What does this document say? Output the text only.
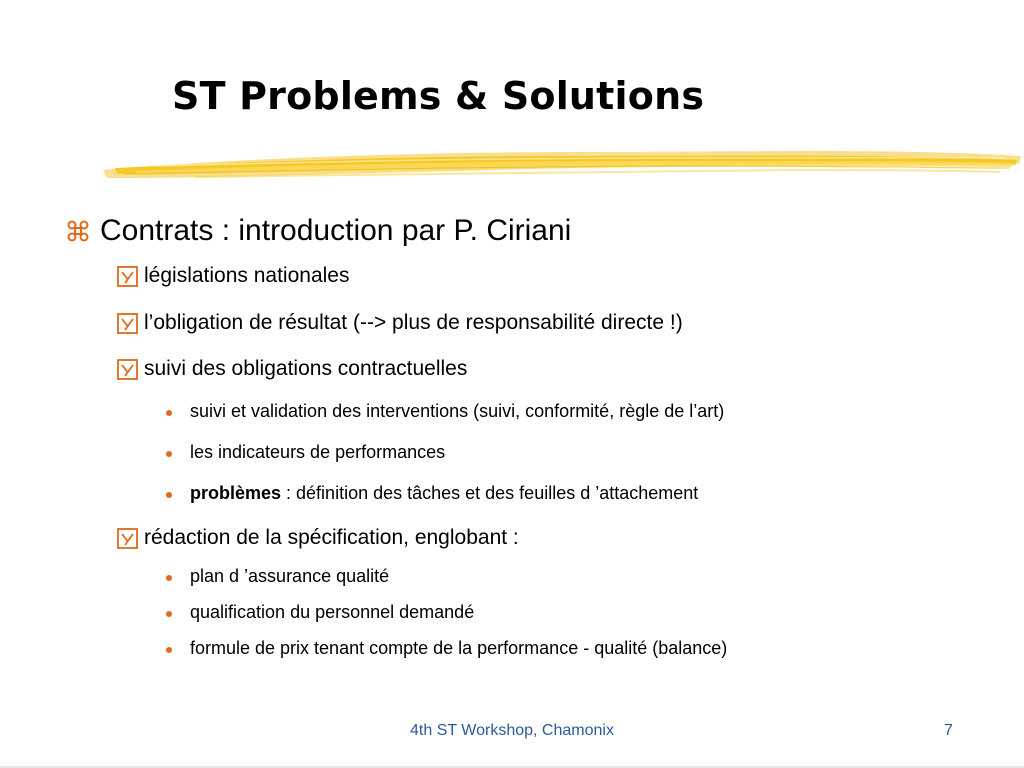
ST Problems & Solutions
Contrats : introduction par P. Ciriani
législations nationales
l’obligation de résultat (--> plus de responsabilité directe !)
suivi des obligations contractuelles
suivi et validation des interventions (suivi, conformité, règle de l’art)
les indicateurs de performances
problèmes : définition des tâches et des feuilles d ’attachement
rédaction de la spécification, englobant :
plan d ’assurance qualité
qualification du personnel demandé
formule de prix tenant compte de la performance - qualité (balance)
4th ST Workshop, Chamonix	7
